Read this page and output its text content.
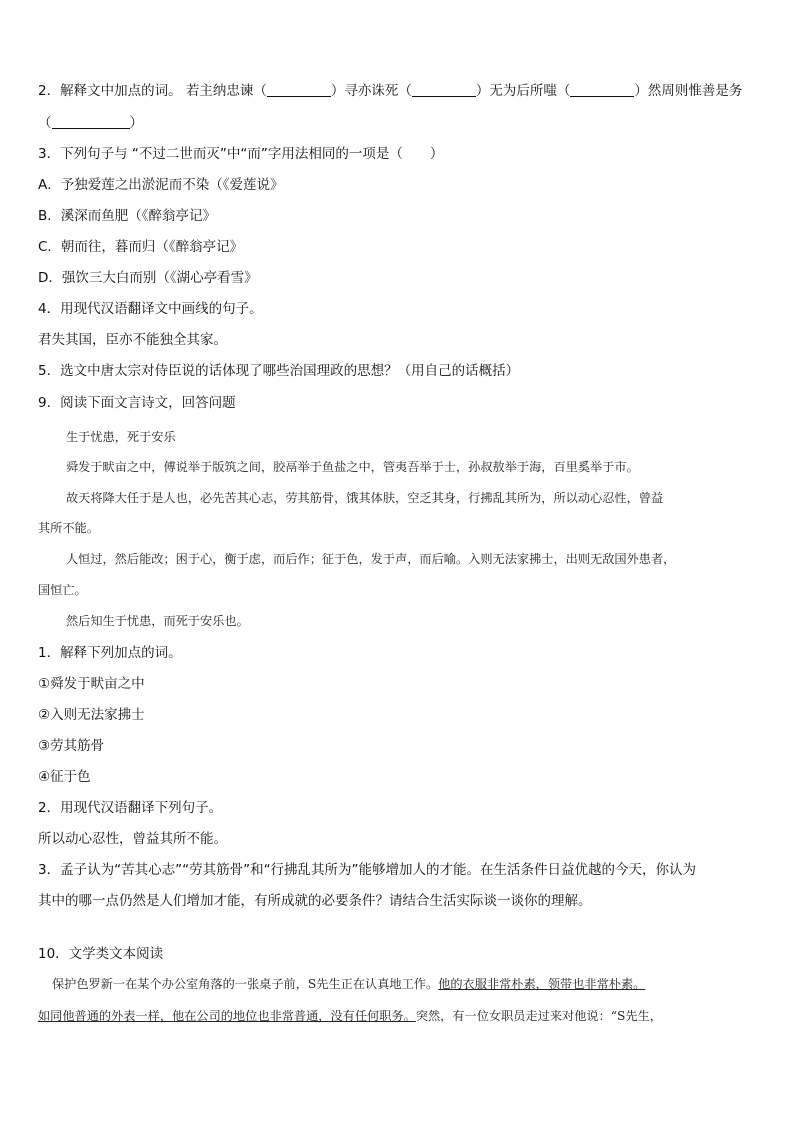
2．解释文中加点的词。 若主纳忠谏（	）寻亦诛死（	）无为后所嗤（	）然周则惟善是务
（	）
3．下列句子与 “不过二世而灭”中“而”字用法相同的一项是（　　）
A．予独爱莲之出淤泥而不染（《爱莲说》
B．溪深而鱼肥（《醉翁亭记》
C．朝而往，暮而归（《醉翁亭记》
D．强饮三大白而别（《湖心亭看雪》
4．用现代汉语翻译文中画线的句子。
君失其国，臣亦不能独全其家。
5．选文中唐太宗对侍臣说的话体现了哪些治国理政的思想？（用自己的话概括）
9．阅读下面文言诗文，回答问题
生于忧患，死于安乐
舜发于畎亩之中，傅说举于版筑之间，胶鬲举于鱼盐之中，管夷吾举于士，孙叔敖举于海，百里奚举于市。
故天将降大任于是人也，必先苦其心志，劳其筋骨，饿其体肤，空乏其身，行拂乱其所为，所以动心忍性，曾益
其所不能。
人恒过，然后能改；困于心，衡于虑，而后作；征于色，发于声，而后喻。入则无法家拂士，出则无敌国外患者，
国恒亡。
然后知生于忧患，而死于安乐也。
1．解释下列加点的词。
①舜发于畎亩之中
②入则无法家拂士
③劳其筋骨
④征于色
2．用现代汉语翻译下列句子。
所以动心忍性，曾益其所不能。
3．孟子认为“苦其心志”“劳其筋骨”和“行拂乱其所为”能够增加人的才能。在生活条件日益优越的今天，你认为
其中的哪一点仍然是人们增加才能，有所成就的必要条件？请结合生活实际谈一谈你的理解。
10．文学类文本阅读
保护色罗新一在某个办公室角落的一张桌子前，S先生正在认真地工作。他的衣服非常朴素，领带也非常朴素。
如同他普通的外表一样，他在公司的地位也非常普通，没有任何职务。突然，有一位女职员走过来对他说：“S先生，
